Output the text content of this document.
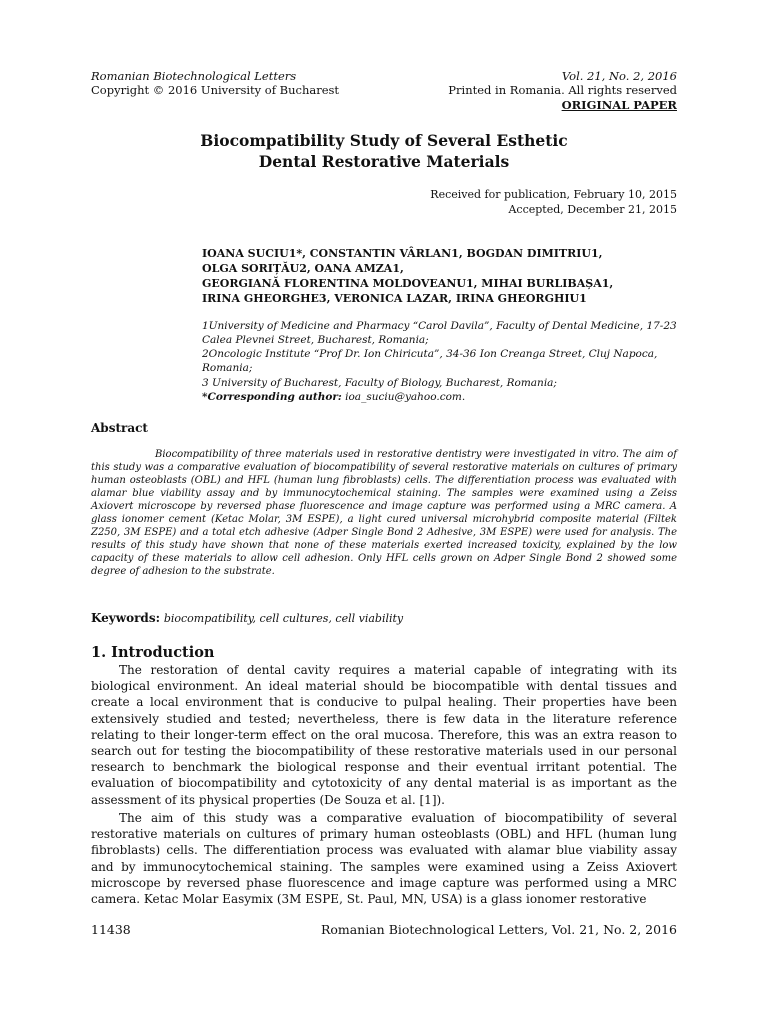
Romanian Biotechnological Letters	Vol. 21, No. 2, 2016
Copyright © 2016 University of Bucharest	Printed in Romania. All rights reserved
ORIGINAL PAPER
Biocompatibility Study of Several Esthetic
Dental Restorative Materials
Received for publication, February 10, 2015
Accepted, December 21, 2015
IOANA SUCIU1*, CONSTANTIN VÂRLAN1, BOGDAN DIMITRIU1,
OLGA SORIȚĂU2, OANA AMZA1,
GEORGIANĂ FLORENTINA MOLDOVEANU1, MIHAI BURLIBAȘA1,
IRINA GHEORGHE3, VERONICA LAZAR, IRINA GHEORGHIU1
1University of Medicine and Pharmacy “Carol Davila”, Faculty of Dental Medicine, 17-23 Calea Plevnei Street, Bucharest, Romania;
2Oncologic Institute “Prof Dr. Ion Chiricuta”, 34-36 Ion Creanga Street, Cluj Napoca, Romania;
3 University of Bucharest, Faculty of Biology, Bucharest, Romania;
*Corresponding author: ioa_suciu@yahoo.com.
Abstract
Biocompatibility of three materials used in restorative dentistry were investigated in vitro. The aim of this study was a comparative evaluation of biocompatibility of several restorative materials on cultures of primary human osteoblasts (OBL) and HFL (human lung fibroblasts) cells. The differentiation process was evaluated with alamar blue viability assay and by immunocytochemical staining. The samples were examined using a Zeiss Axiovert microscope by reversed phase fluorescence and image capture was performed using a MRC camera. A glass ionomer cement (Ketac Molar, 3M ESPE), a light cured universal microhybrid composite material (Filtek Z250, 3M ESPE) and a total etch adhesive (Adper Single Bond 2 Adhesive, 3M ESPE) were used for analysis. The results of this study have shown that none of these materials exerted increased toxicity, explained by the low capacity of these materials to allow cell adhesion. Only HFL cells grown on Adper Single Bond 2 showed some degree of adhesion to the substrate.
Keywords: biocompatibility, cell cultures, cell viability
1. Introduction
The restoration of dental cavity requires a material capable of integrating with its biological environment. An ideal material should be biocompatible with dental tissues and create a local environment that is conducive to pulpal healing. Their properties have been extensively studied and tested; nevertheless, there is few data in the literature reference relating to their longer-term effect on the oral mucosa. Therefore, this was an extra reason to search out for testing the biocompatibility of these restorative materials used in our personal research to benchmark the biological response and their eventual irritant potential. The evaluation of biocompatibility and cytotoxicity of any dental material is as important as the assessment of its physical properties (De Souza et al. [1]).
The aim of this study was a comparative evaluation of biocompatibility of several restorative materials on cultures of primary human osteoblasts (OBL) and HFL (human lung fibroblasts) cells. The differentiation process was evaluated with alamar blue viability assay and by immunocytochemical staining. The samples were examined using a Zeiss Axiovert microscope by reversed phase fluorescence and image capture was performed using a MRC camera. Ketac Molar Easymix (3M ESPE, St. Paul, MN, USA) is a glass ionomer restorative
11438	Romanian Biotechnological Letters, Vol. 21, No. 2, 2016
